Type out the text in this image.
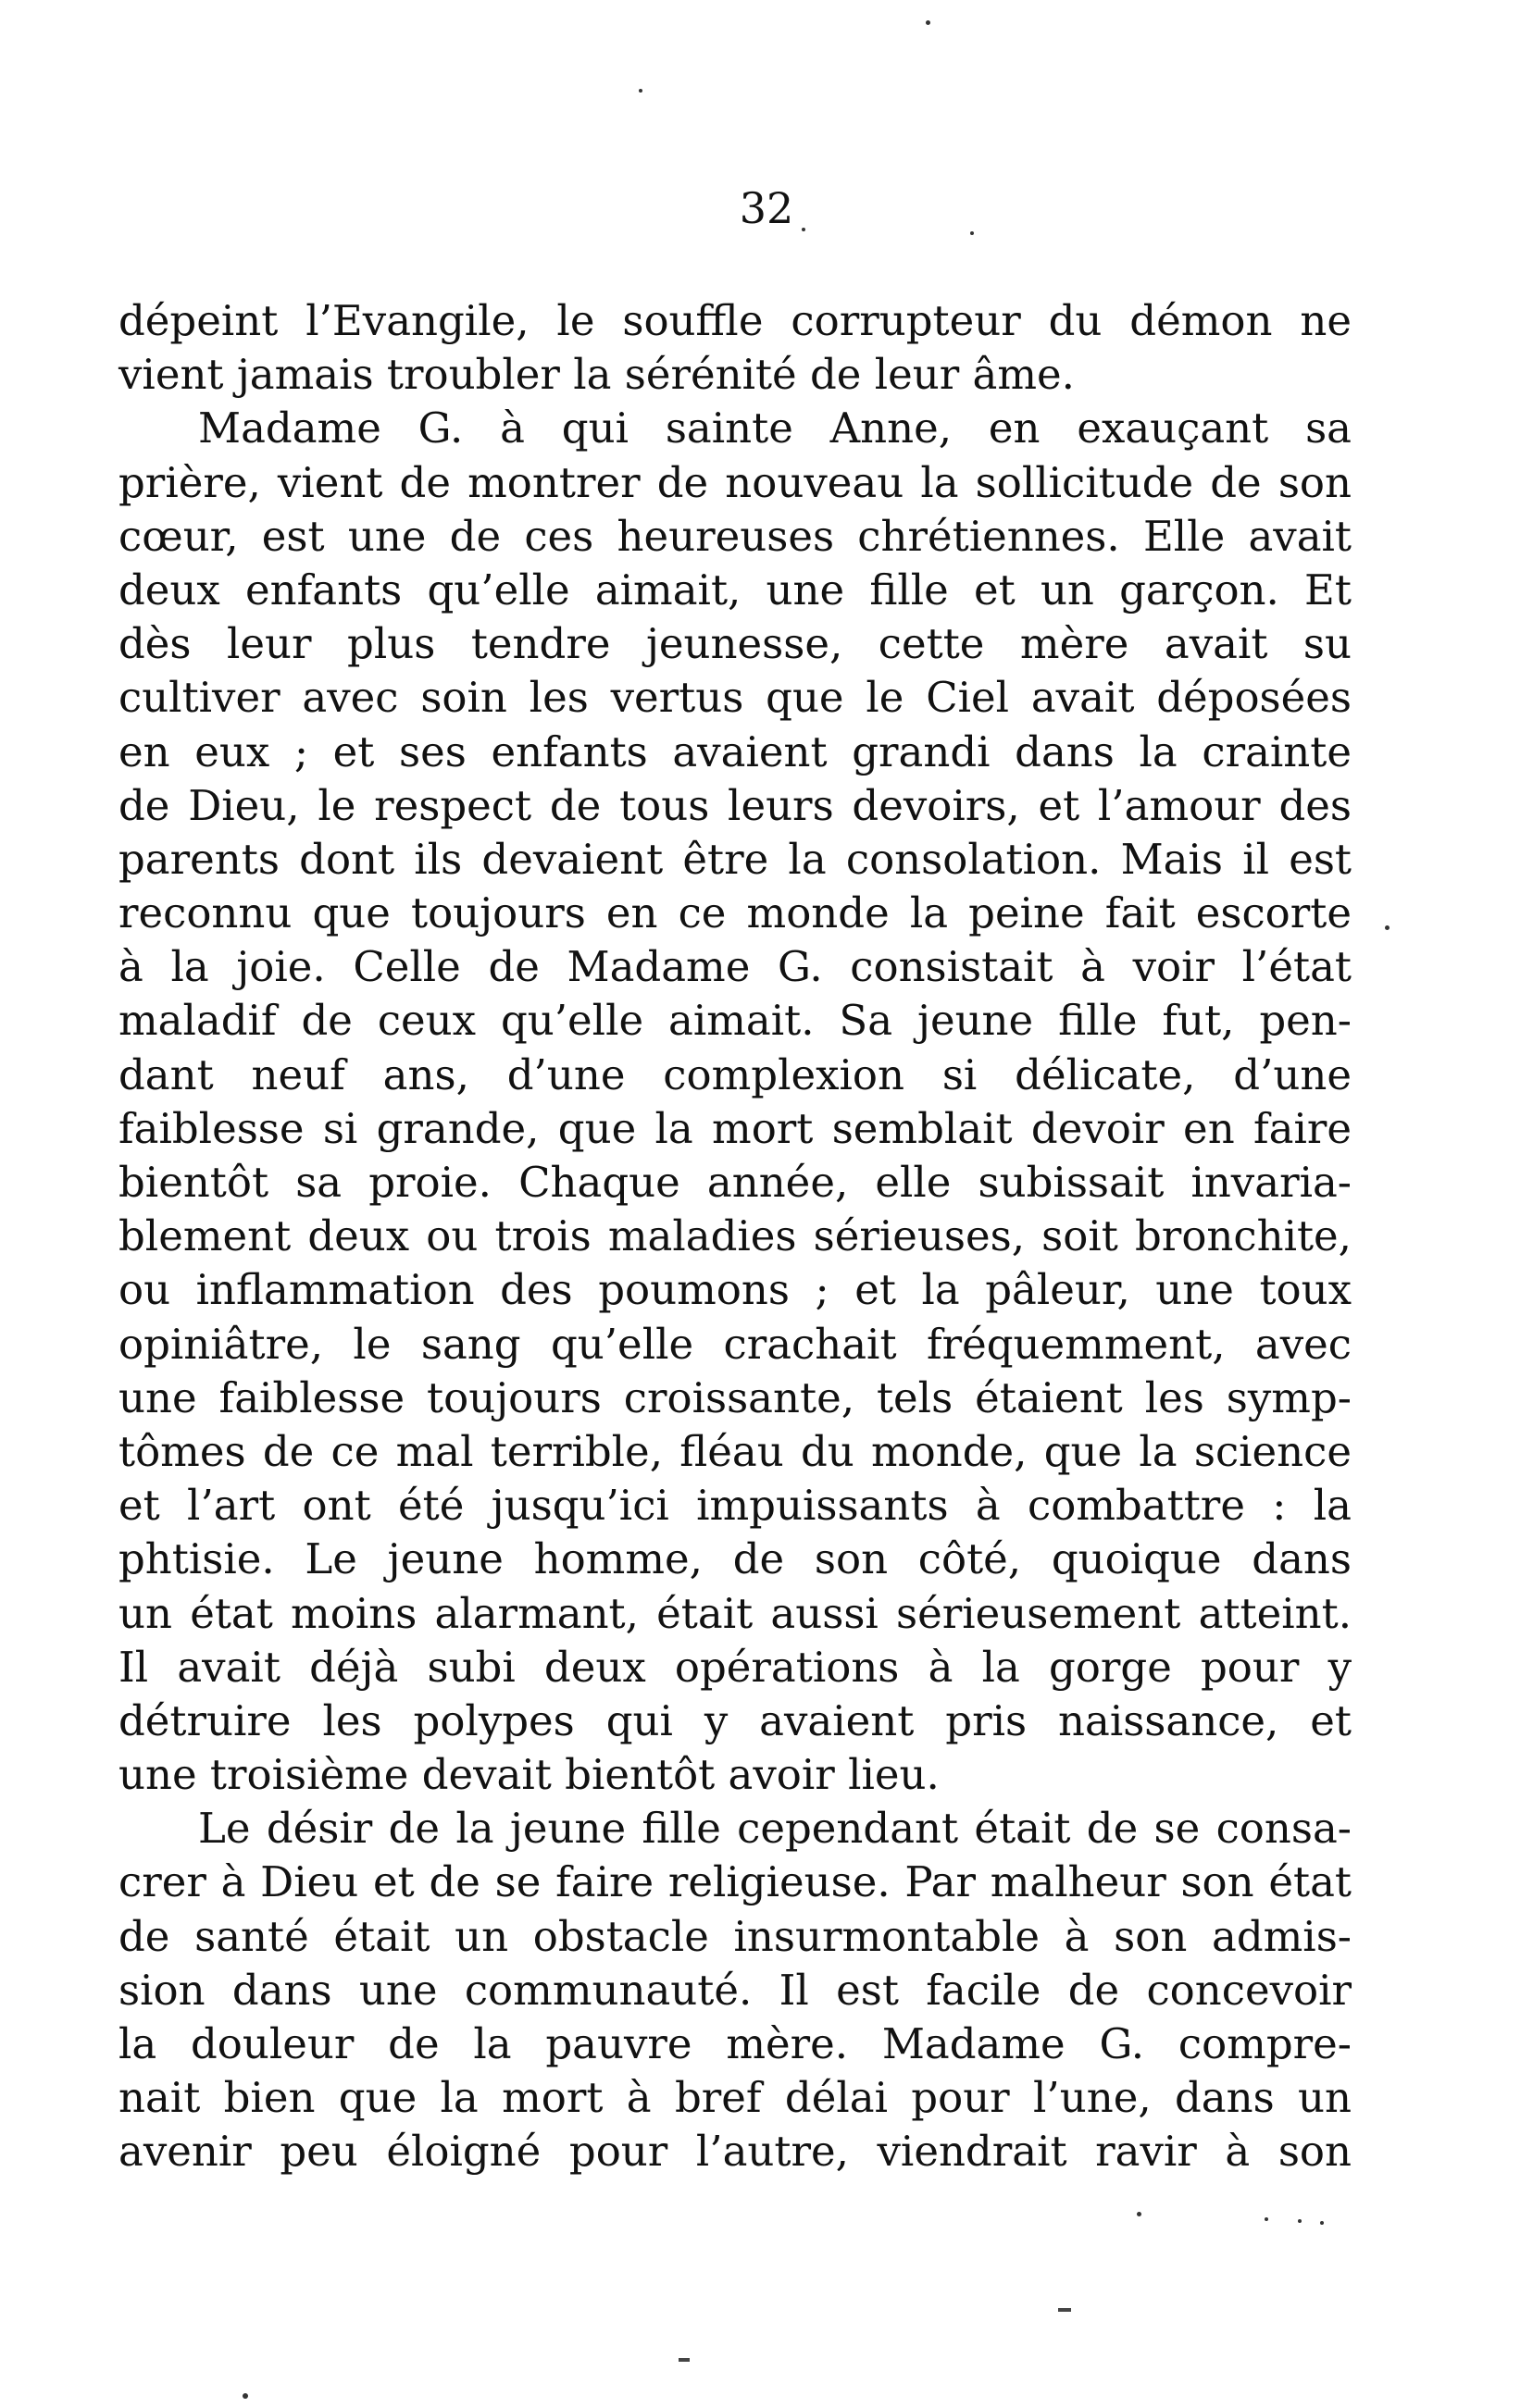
32
dépeint l’Evangile, le souffle corrupteur du démon ne
vient jamais troubler la sérénité de leur âme.
Madame G. à qui sainte Anne, en exauçant sa
prière, vient de montrer de nouveau la sollicitude de son
cœur, est une de ces heureuses chrétiennes. Elle avait
deux enfants qu’elle aimait, une fille et un garçon. Et
dès leur plus tendre jeunesse, cette mère avait su
cultiver avec soin les vertus que le Ciel avait déposées
en eux ; et ses enfants avaient grandi dans la crainte
de Dieu, le respect de tous leurs devoirs, et l’amour des
parents dont ils devaient être la consolation. Mais il est
reconnu que toujours en ce monde la peine fait escorte
à la joie. Celle de Madame G. consistait à voir l’état
maladif de ceux qu’elle aimait. Sa jeune fille fut, pen-
dant neuf ans, d’une complexion si délicate, d’une
faiblesse si grande, que la mort semblait devoir en faire
bientôt sa proie. Chaque année, elle subissait invaria-
blement deux ou trois maladies sérieuses, soit bronchite,
ou inflammation des poumons ; et la pâleur, une toux
opiniâtre, le sang qu’elle crachait fréquemment, avec
une faiblesse toujours croissante, tels étaient les symp-
tômes de ce mal terrible, fléau du monde, que la science
et l’art ont été jusqu’ici impuissants à combattre : la
phtisie. Le jeune homme, de son côté, quoique dans
un état moins alarmant, était aussi sérieusement atteint.
Il avait déjà subi deux opérations à la gorge pour y
détruire les polypes qui y avaient pris naissance, et
une troisième devait bientôt avoir lieu.
Le désir de la jeune fille cependant était de se consa-
crer à Dieu et de se faire religieuse. Par malheur son état
de santé était un obstacle insurmontable à son admis-
sion dans une communauté. Il est facile de concevoir
la douleur de la pauvre mère. Madame G. compre-
nait bien que la mort à bref délai pour l’une, dans un
avenir peu éloigné pour l’autre, viendrait ravir à son
